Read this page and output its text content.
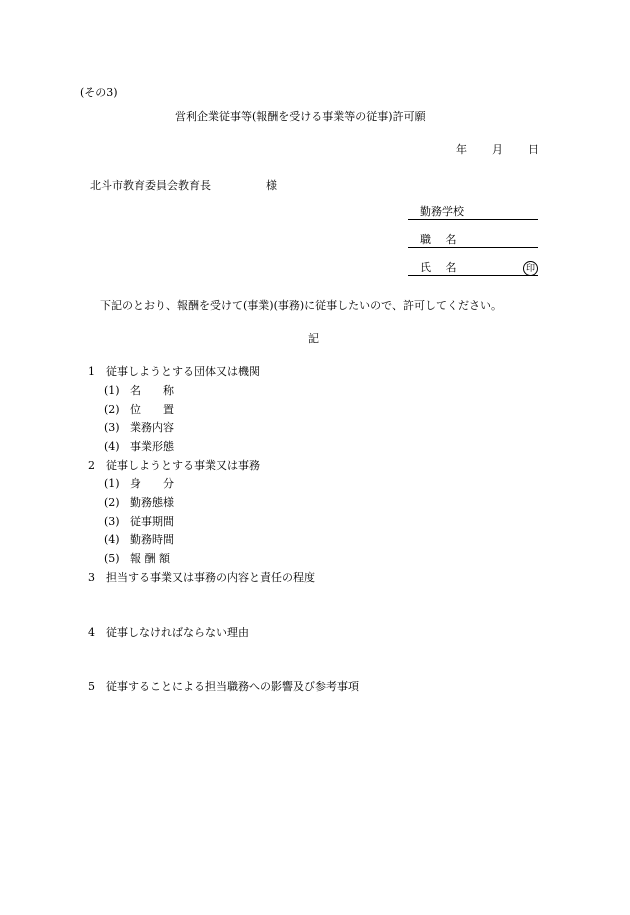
(その3)
営利企業従事等(報酬を受ける事業等の従事)許可願
年 月 日
北斗市教育委員会教育長	様
勤務学校
職　 名
氏　 名	印
下記のとおり、報酬を受けて(事業)(事務)に従事したいので、許可してください。
記
1 従事しようとする団体又は機関
(1) 名　　称
(2) 位　　置
(3) 業務内容
(4) 事業形態
2 従事しようとする事業又は事務
(1) 身　　分
(2) 勤務態様
(3) 従事期間
(4) 勤務時間
(5) 報 酬 額
3 担当する事業又は事務の内容と責任の程度
4 従事しなければならない理由
5 従事することによる担当職務への影響及び参考事項
